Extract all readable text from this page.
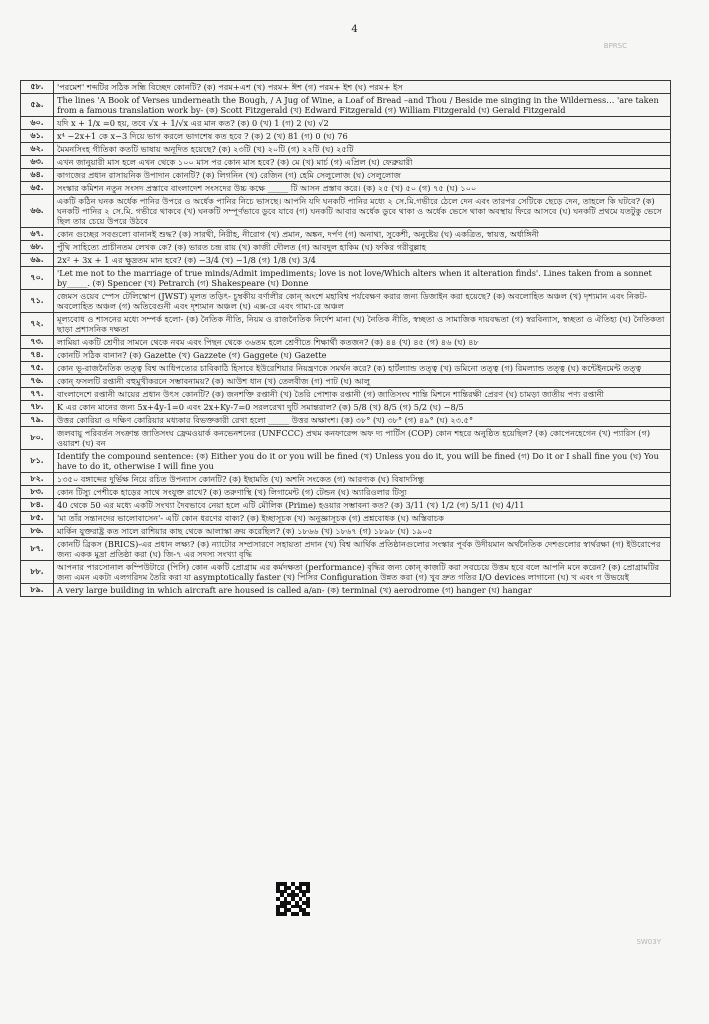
BPRSC
4
৫৮.	'পরমেশ' শব্দটির সঠিক সন্ধি বিচ্ছেদ কোনটি? (ক) পরম+এশ (খ) পরম+ ঈশ (গ) পরম+ ইশ (ঘ) পরম+ ইস
৫৯.	The lines 'A Book of Verses underneath the Bough, / A Jug of Wine, a Loaf of Bread –and Thou / Beside me singing in the Wilderness… 'are taken from a famous translation work by- (ক) Scott Fitzgerald (খ) Edward Fitzgerald (গ) William Fitzgerald (ঘ) Gerald Fitzgerald
৬০.	যদি x + 1/x =0 হয়, তবে √x + 1/√x এর মান কত? (ক) 0 (খ) 1 (গ) 2 (ঘ) √2
৬১.	x⁴ −2x+1 কে x−3 দিয়ে ভাগ করলে ভাগশেষ কত হবে ? (ক) 2 (খ) 81 (গ) 0 (ঘ) 76
৬২.	মৈমনসিংহ গীতিকা কতটি ভাষায় অনূদিত হয়েছে? (ক) ২৩টি (খ) ২০টি (গ) ২২টি (ঘ) ২৫টি
৬৩.	এখন জানুয়ারী মাস হলে এখন থেকে ১০০ মাস পর কোন মাস হবে? (ক) মে (খ) মার্চ (গ) এপ্রিল (ঘ) ফেব্রুয়ারী
৬৪.	কাগজের প্রধান রাসায়নিক উপাদান কোনটি? (ক) লিগনিন (খ) রেজিন (গ) হেমি সেলুলোজ (ঘ) সেলুলোজ
৬৫.	সংস্কার কমিশন নতুন সংসদ প্রস্তাবে বাংলাদেশ সংসদের উচ্চ কক্ষে _____ টি আসন প্রস্তাব করে। (ক) ২৫ (খ) ৫০ (গ) ৭৫ (ঘ) ১০০
৬৬.	একটি কঠিন ঘনক অর্ধেক পানির উপরে ও অর্ধেক পানির নিচে ভাসছে। আপনি যদি ঘনকটি পানির মধ্যে ২ সে.মি.গভীরে ঠেলে দেন এবং তারপর সেটিকে ছেড়ে দেন, তাহলে কি ঘটবে? (ক) ঘনকটি পানির ২ সে.মি. গভীরে থাকবে (খ) ঘনকটি সম্পূর্ণভাবে ডুবে যাবে (গ) ঘনকটি আবার অর্ধেক ডুবে থাকা ও অর্ধেক ভেসে থাকা অবস্থায় ফিরে আসবে (ঘ) ঘনকটি প্রথমে যতটুকু ভেসে ছিল তার চেয়ে উপরে উঠবে
৬৭.	কোন গুচ্ছের সবগুলো বানানই শুদ্ধ? (ক) সারথী, নিরীহ, নীরোগ (খ) প্রমান, অঙ্কন, দর্পণ (গ) অনাথা, সুকেশী, অনুষ্টেয় (ঘ) একত্রিত, স্বায়ত্ত, অর্ধাঙ্গিনী
৬৮.	পুঁথি সাহিত্যে প্রাচীনতম লেখক কে? (ক) ভারত চন্দ্র রায় (খ) কাজী দৌলত (গ) আবদুল হাকিম (ঘ) ফকির গরীবুল্লাহ
৬৯.	2x² + 3x + 1 এর ক্ষুদ্রতম মান হবে? (ক) −3/4 (খ) −1/8 (গ) 1/8 (ঘ) 3/4
৭০.	'Let me not to the marriage of true minds/Admit impediments; love is not love/Which alters when it alteration finds'. Lines taken from a sonnet by_____. (ক) Spencer (খ) Petrarch (গ) Shakespeare (ঘ) Donne
৭১.	জেমস ওয়েব স্পেস টেলিস্কোপ (JWST) মূলত তড়িৎ- চুম্বকীয় বর্ণালীর কোন্ অংশে মহাবিশ্ব পর্যবেক্ষণ করার জন্য ডিজাইন করা হয়েছে? (ক) অবলোহিত অঞ্চল (খ) দৃশ্যমান এবং নিকট-অবলোহিত অঞ্চল (গ) অতিবেগুনী এবং দৃশ্যমান অঞ্চল (ঘ) এক্স-রে এবং গামা-রে অঞ্চল
৭২.	মূল্যবোধ ও শাসনের মধ্যে সম্পর্ক হলো- (ক) নৈতিক নীতি, নিয়ম ও রাজনৈতিক নির্দেশ মানা (খ) নৈতিক নীতি, স্বচ্ছতা ও সামাজিক দায়বদ্ধতা (গ) স্বরবিন্যাস, স্বচ্ছতা ও ঐতিহ্য (ঘ) নৈতিকতা ছাড়া প্রশাসনিক দক্ষতা
৭৩.	লামিয়া একটি শ্রেণীর সামনে থেকে নবম এবং পিছন থেকে ৩৬তম হলে শ্রেণীতে শিক্ষার্থী কতজন? (ক) ৪৪ (খ) ৪৫ (গ) ৪৬ (ঘ) ৪৮
৭৪.	কোনটি সঠিক বানান? (ক) Gazette (খ) Gazzete (গ) Gaggete (ঘ) Gazette
৭৫.	কোন ভূ-রাজনৈতিক তত্ত্ব বিশ্ব আধিপত্যের চাবিকাঠি হিসাবে ইউরেশিয়ার নিয়ন্ত্রণকে সমর্থন করে? (ক) হার্টল্যান্ড তত্ত্ব (খ) ডমিনো তত্ত্ব (গ) রিমল্যান্ড তত্ত্ব (ঘ) কন্টেইনমেন্ট তত্ত্ব
৭৬.	কোন্ ফসলটি রপ্তানী বহুমুখীকরনে সম্ভাবনাময়? (ক) আউশ ধান (খ) তেলবীজ (গ) পাট (ঘ) আলু
৭৭.	বাংলাদেশে রপ্তানী আয়ের প্রধান উৎস কোনটি? (ক) জনশক্তি রপ্তানী (খ) তৈরি পোশাক রপ্তানী (গ) জাতিসংঘ শান্তি মিশনে শান্তিরক্ষী প্রেরণ (ঘ) চামড়া জাতীয় পণ্য রপ্তানী
৭৮.	K এর কোন মানের জন্য 5x+4y-1=0 এবং 2x+Ky-7=0 সরলরেখা দুটি সমান্তরাল? (ক) 5/8 (খ) 8/5 (গ) 5/2 (ঘ) −8/5
৭৯.	উত্তর কোরিয়া ও দক্ষিণ কোরিয়ার মধ্যকার বিভক্তকারী রেখা হলো _____ উত্তর অক্ষাংশ। (ক) ৩৮° (খ) ৩৮° (গ) ৪৯° (ঘ) ২৩.৫°
৮০.	জলবায়ু পরিবর্তন সংক্রান্ত জাতিসংঘ ফ্রেমওয়ার্ক কনভেনশনের (UNFCCC) প্রথম কনফারেন্স অফ দ্য পার্টিস (COP) কোন শহরে অনুষ্ঠিত হয়েছিল? (ক) কোপেনহেগেন (খ) প্যারিস (গ) ওয়ারশ (ঘ) বন
৮১.	Identify the compound sentence: (ক) Either you do it or you will be fined (খ) Unless you do it, you will be fined (গ) Do it or I shall fine you (ঘ) You have to do it, otherwise I will fine you
৮২.	১৩৫০ বঙ্গাব্দের দুর্ভিক্ষ নিয়ে রচিত উপন্যাস কোনটি? (ক) ইছামতি (খ) অশনি সংকেত (গ) আরণ্যক (ঘ) বিষাদসিন্ধু
৮৩.	কোন টিস্যু পেশীকে হাড়ের সাথে সংযুক্ত রাখে? (ক) তরুণাস্থি (খ) লিগামেন্ট (গ) টেন্ডন (ঘ) অ্যারিওলার টিস্যু
৮৪.	40 থেকে 50 এর মধ্যে একটি সংখ্যা দৈবভাবে নেয়া হলে এটি মৌলিক (Prime) হওয়ার সম্ভাবনা কত? (ক) 3/11 (খ) 1/2 (গ) 5/11 (ঘ) 4/11
৮৫.	'মা তাঁর সন্তানদের ভালোবাসেন'- এটি কোন ধরণের বাক্য? (ক) ইচ্ছাসূচক (খ) অনুজ্ঞাসূচক (গ) প্রশ্নবোধক (ঘ) অস্তিবাচক
৮৬.	মার্কিন যুক্তরাষ্ট্র কত সালে রাশিয়ার কাছ থেকে আলাস্কা ক্রয় করেছিল? (ক) ১৮৬৬ (খ) ১৮৬৭ (গ) ১৮৯৮ (ঘ) ১৯০৫
৮৭.	কোনটি ব্রিকস (BRICS)-এর প্রধান লক্ষ্য? (ক) ন্যাটোর সম্প্রসারণে সহায়তা প্রদান (খ) বিশ্ব আর্থিক প্রতিষ্ঠানগুলোর সংস্কার পূর্বক উদীয়মান অর্থনৈতিক দেশগুলোর স্বার্থরক্ষা (গ) ইউরোপের জন্য একক মুদ্রা প্রতিষ্ঠা করা (ঘ) জি-৭ এর সদস্য সংখ্যা বৃদ্ধি
৮৮.	আপনার পারসোনাল কম্পিউটারে (পিসি) কোন একটি প্রোগ্রাম এর কর্মদক্ষতা (performance) বৃদ্ধির জন্য কোন্ কাজটি করা সবচেয়ে উত্তম হবে বলে আপনি মনে করেন? (ক) প্রোগ্রামটির জন্য এমন একটা এলগরিদম তৈরি করা যা asymptotically faster (খ) পিসির Configuration উন্নত করা (গ) খুব দ্রুত গতির I/O devices লাগানো (ঘ) খ এবং গ উভয়েই
৮৯.	A very large building in which aircraft are housed is called a/an- (ক) terminal (খ) aerodrome (গ) hanger (ঘ) hangar
SW03Y
